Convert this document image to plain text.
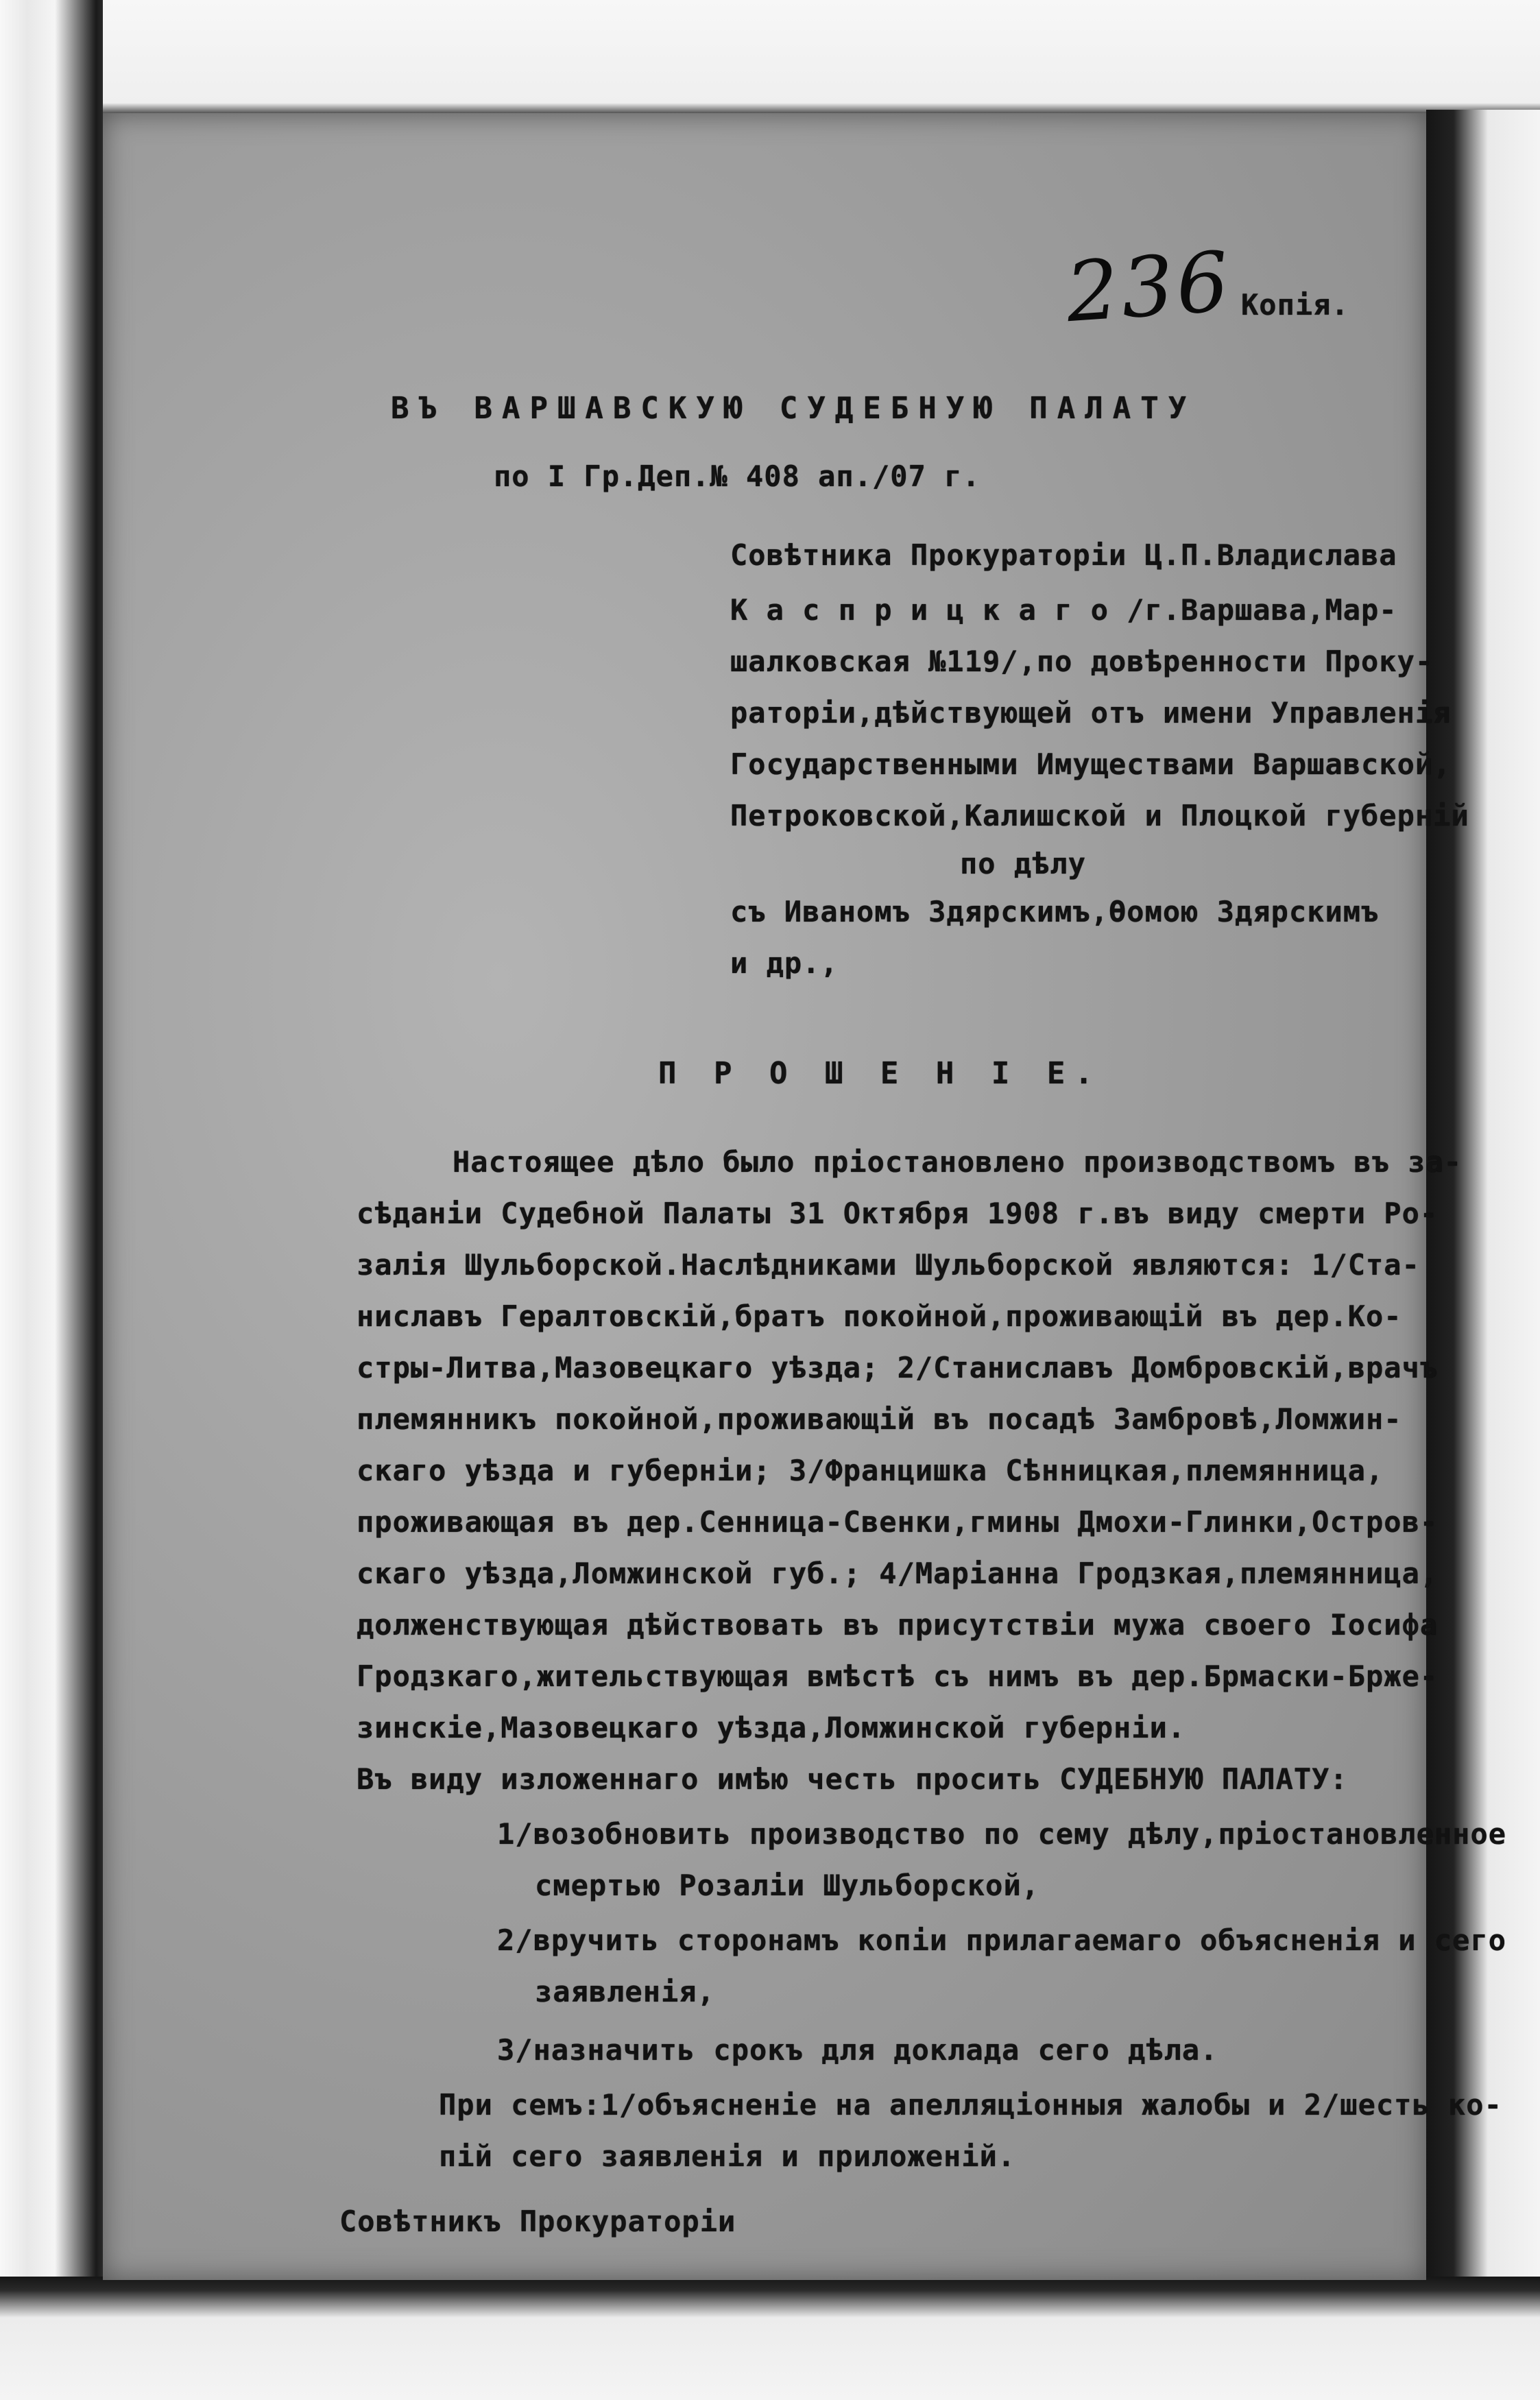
236 Копія.
ВЪ ВАРШАВСКУЮ СУДЕБНУЮ ПАЛАТУ
по I Гр.Деп.№ 408 ап./07 г.
Совѣтника Прокураторіи Ц.П.Владислава
К а с п р и ц к а г о /г.Варшава,Мар-
шалковская №119/,по довѣренности Проку-
раторіи,дѣйствующей отъ имени Управленія
Государственными Имуществами Варшавской,
Петроковской,Калишской и Плоцкой губерній
по дѣлу
съ Иваномъ Здярскимъ,Ѳомою Здярскимъ
и др.,
П Р О Ш Е Н І Е.
Настоящее дѣло было пріостановлено производствомъ въ за-
сѣданіи Судебной Палаты 31 Октября 1908 г.въ виду смерти Ро-
залія Шульборской.Наслѣдниками Шульборской являются: 1/Ста-
ниславъ Гералтовскій,братъ покойной,проживающій въ дер.Ко-
стры-Литва,Мазовецкаго уѣзда; 2/Станиславъ Домбровскій,врачъ
племянникъ покойной,проживающій въ посадѣ Замбровѣ,Ломжин-
скаго уѣзда и губерніи; 3/Францишка Сѣнницкая,племянница,
проживающая въ дер.Сенница-Свенки,гмины Дмохи-Глинки,Остров-
скаго уѣзда,Ломжинской губ.; 4/Маріанна Гродзкая,племянница,
долженствующая дѣйствовать въ присутствіи мужа своего Іосифа
Гродзкаго,жительствующая вмѣстѣ съ нимъ въ дер.Брмаски-Брже-
зинскіе,Мазовецкаго уѣзда,Ломжинской губерніи.
Въ виду изложеннаго имѣю честь просить СУДЕБНУЮ ПАЛАТУ:
1/возобновить производство по сему дѣлу,пріостановленное
смертью Розаліи Шульборской,
2/вручить сторонамъ копіи прилагаемаго объясненія и сего
заявленія,
3/назначить срокъ для доклада сего дѣла.
При семъ:1/объясненіе на апелляціонныя жалобы и 2/шесть ко-
пій сего заявленія и приложеній.
Совѣтникъ Прокураторіи
